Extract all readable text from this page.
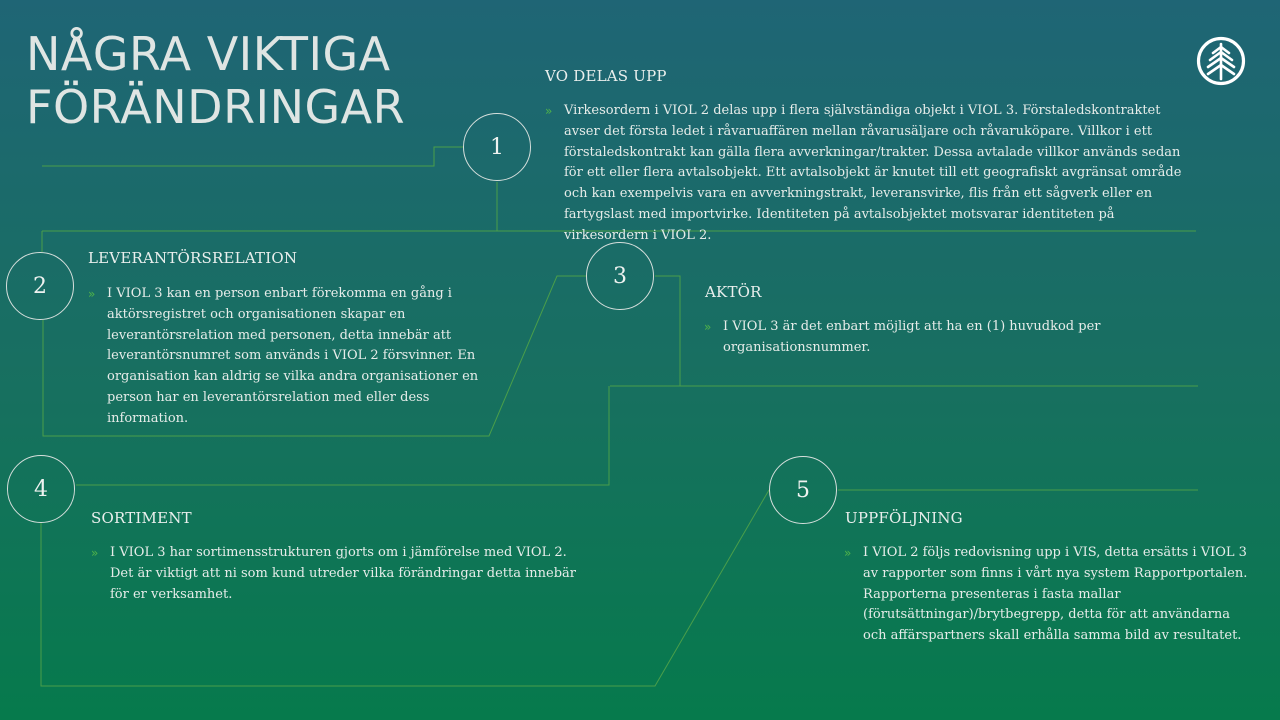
NÅGRA VIKTIGA
FÖRÄNDRINGAR
1
VO DELAS UPP
» Virkesordern i VIOL 2 delas upp i flera självständiga objekt i VIOL 3. Förstaledskontraktet avser det första ledet i råvaruaffären mellan råvarusäljare och råvaruköpare. Villkor i ett förstaledskontrakt kan gälla flera avverkningar/trakter. Dessa avtalade villkor används sedan för ett eller flera avtalsobjekt. Ett avtalsobjekt är knutet till ett geografiskt avgränsat område och kan exempelvis vara en avverkningstrakt, leveransvirke, flis från ett sågverk eller en fartygslast med importvirke. Identiteten på avtalsobjektet motsvarar identiteten på virkesordern i VIOL 2.
2
LEVERANTÖRSRELATION
» I VIOL 3 kan en person enbart förekomma en gång i aktörsregistret och organisationen skapar en leverantörsrelation med personen, detta innebär att leverantörsnumret som används i VIOL 2 försvinner. En organisation kan aldrig se vilka andra organisationer en person har en leverantörsrelation med eller dess information.
3
AKTÖR
» I VIOL 3 är det enbart möjligt att ha en (1) huvudkod per organisationsnummer.
4
SORTIMENT
» I VIOL 3 har sortimensstrukturen gjorts om i jämförelse med VIOL 2. Det är viktigt att ni som kund utreder vilka förändringar detta innebär för er verksamhet.
5
UPPFÖLJNING
» I VIOL 2 följs redovisning upp i VIS, detta ersätts i VIOL 3 av rapporter som finns i vårt nya system Rapportportalen. Rapporterna presenteras i fasta mallar (förutsättningar)/brytbegrepp, detta för att användarna och affärspartners skall erhålla samma bild av resultatet.
